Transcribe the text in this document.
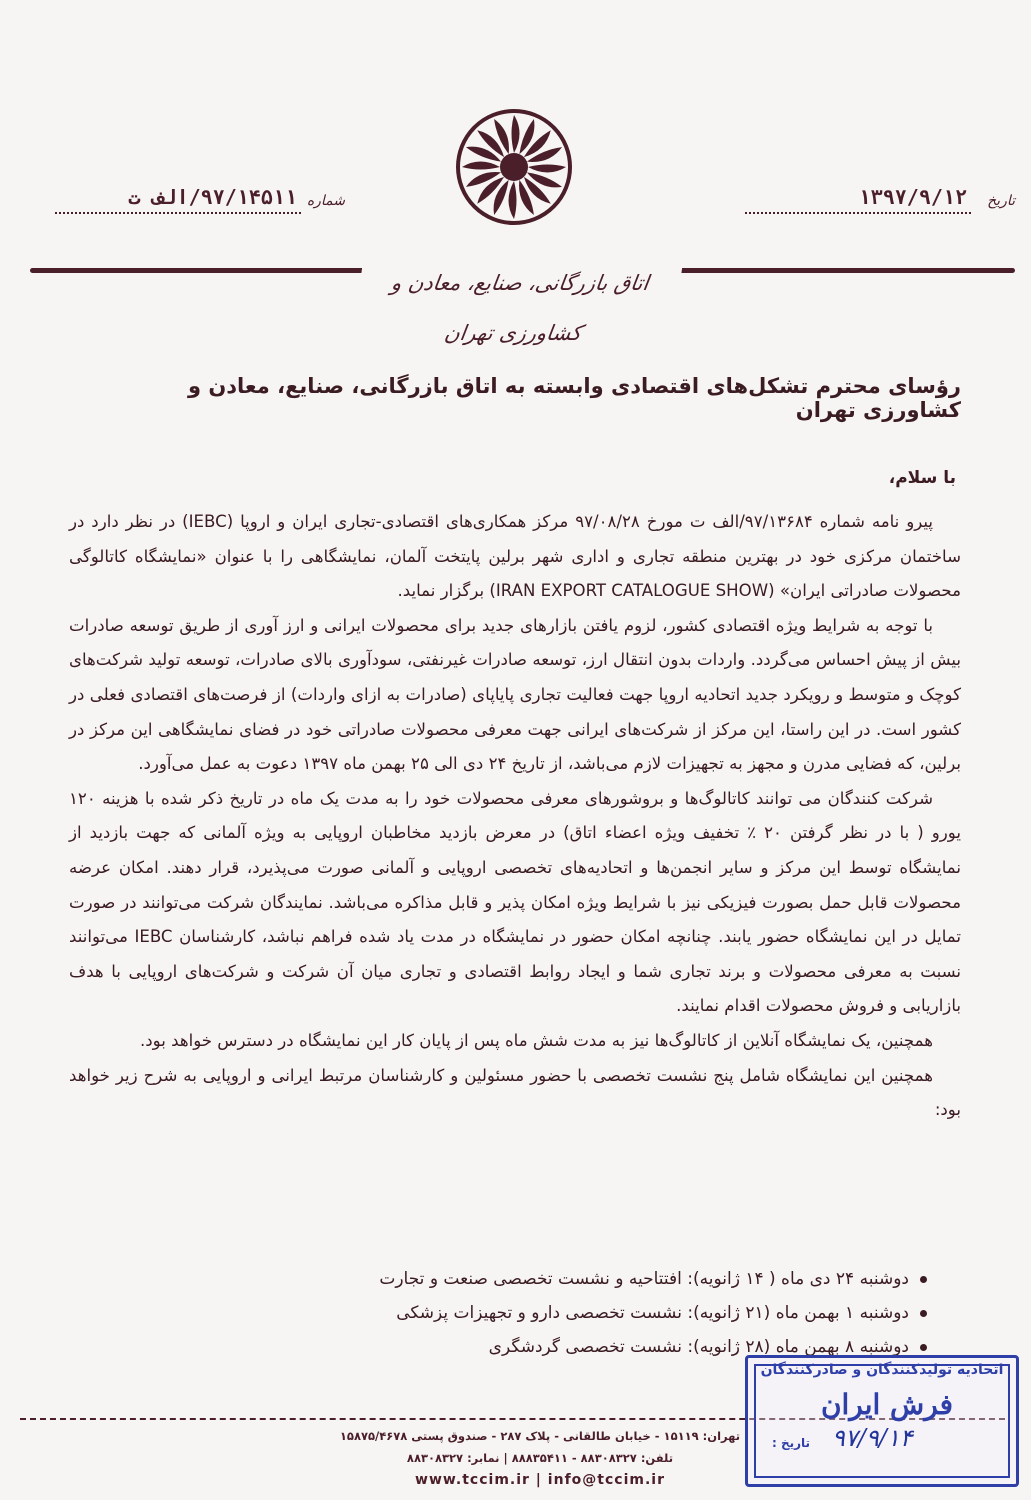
شماره
۹۷/۱۴۵۱۱/الف ت	تاریخ
۱۳۹۷/۹/۱۲
اتاق بازرگانی، صنایع، معادن و کشاورزی تهران
رؤسای محترم تشکل‌های اقتصادی وابسته به اتاق بازرگانی، صنایع، معادن و کشاورزی تهران
با سلام،

پیرو نامه شماره ۹۷/۱۳۶۸۴/الف ت مورخ ۹۷/۰۸/۲۸ مرکز همکاری‌های اقتصادی-تجاری ایران و اروپا (IEBC) در نظر دارد در ساختمان مرکزی خود در بهترین منطقه تجاری و اداری شهر برلین پایتخت آلمان، نمایشگاهی را با عنوان «نمایشگاه کاتالوگی محصولات صادراتی ایران» (IRAN EXPORT CATALOGUE SHOW) برگزار نماید.

با توجه به شرایط ویژه اقتصادی کشور، لزوم یافتن بازارهای جدید برای محصولات ایرانی و ارز آوری از طریق توسعه صادرات بیش از پیش احساس می‌گردد. واردات بدون انتقال ارز، توسعه صادرات غیرنفتی، سودآوری بالای صادرات، توسعه تولید شرکت‌های کوچک و متوسط و رویکرد جدید اتحادیه اروپا جهت فعالیت تجاری پایاپای (صادرات به ازای واردات) از فرصت‌های اقتصادی فعلی در کشور است. در این راستا، این مرکز از شرکت‌های ایرانی جهت معرفی محصولات صادراتی خود در فضای نمایشگاهی این مرکز در برلین، که فضایی مدرن و مجهز به تجهیزات لازم می‌باشد، از تاریخ ۲۴ دی الی ۲۵ بهمن ماه ۱۳۹۷ دعوت به عمل می‌آورد.

شرکت کنندگان می توانند کاتالوگ‌ها و بروشورهای معرفی محصولات خود را به مدت یک ماه در تاریخ ذکر شده با هزینه ۱۲۰ یورو ( با در نظر گرفتن ۲۰ ٪ تخفیف ویژه اعضاء اتاق) در معرض بازدید مخاطبان اروپایی به ویژه آلمانی که جهت بازدید از نمایشگاه توسط این مرکز و سایر انجمن‌ها و اتحادیه‌های تخصصی اروپایی و آلمانی صورت می‌پذیرد، قرار دهند. امکان عرضه محصولات قابل حمل بصورت فیزیکی نیز با شرایط ویژه امکان پذیر و قابل مذاکره می‌باشد. نمایندگان شرکت می‌توانند در صورت تمایل در این نمایشگاه حضور یابند. چنانچه امکان حضور در نمایشگاه در مدت یاد شده فراهم نباشد، کارشناسان IEBC می‌توانند نسبت به معرفی محصولات و برند تجاری شما و ایجاد روابط اقتصادی و تجاری میان آن شرکت و شرکت‌های اروپایی با هدف بازاریابی و فروش محصولات اقدام نمایند.

همچنین، یک نمایشگاه آنلاین از کاتالوگ‌ها نیز به مدت شش ماه پس از پایان کار این نمایشگاه در دسترس خواهد بود.

همچنین این نمایشگاه شامل پنج نشست تخصصی با حضور مسئولین و کارشناسان مرتبط ایرانی و اروپایی به شرح زیر خواهد بود:

دوشنبه ۲۴ دی ماه ( ۱۴ ژانویه): افتتاحیه و نشست تخصصی صنعت و تجارت
دوشنبه ۱ بهمن ماه (۲۱ ژانویه): نشست تخصصی دارو و تجهیزات پزشکی
دوشنبه ۸ بهمن ماه (۲۸ ژانویه): نشست تخصصی گردشگری
تهران: ۱۵۱۱۹ - خیابان طالقانی - پلاک ۲۸۷ - صندوق پستی ۱۵۸۷۵/۴۶۷۸
تلفن: ۸۸۳۰۸۳۲۷ - ۸۸۸۳۵۴۱۱ | نمابر: ۸۸۳۰۸۳۲۷
www.tccim.ir | info@tccim.ir
اتحادیه تولیدکنندگان و صادرکنندگان
فرش ایران
تاریخ : ۹۷/۹/۱۴
